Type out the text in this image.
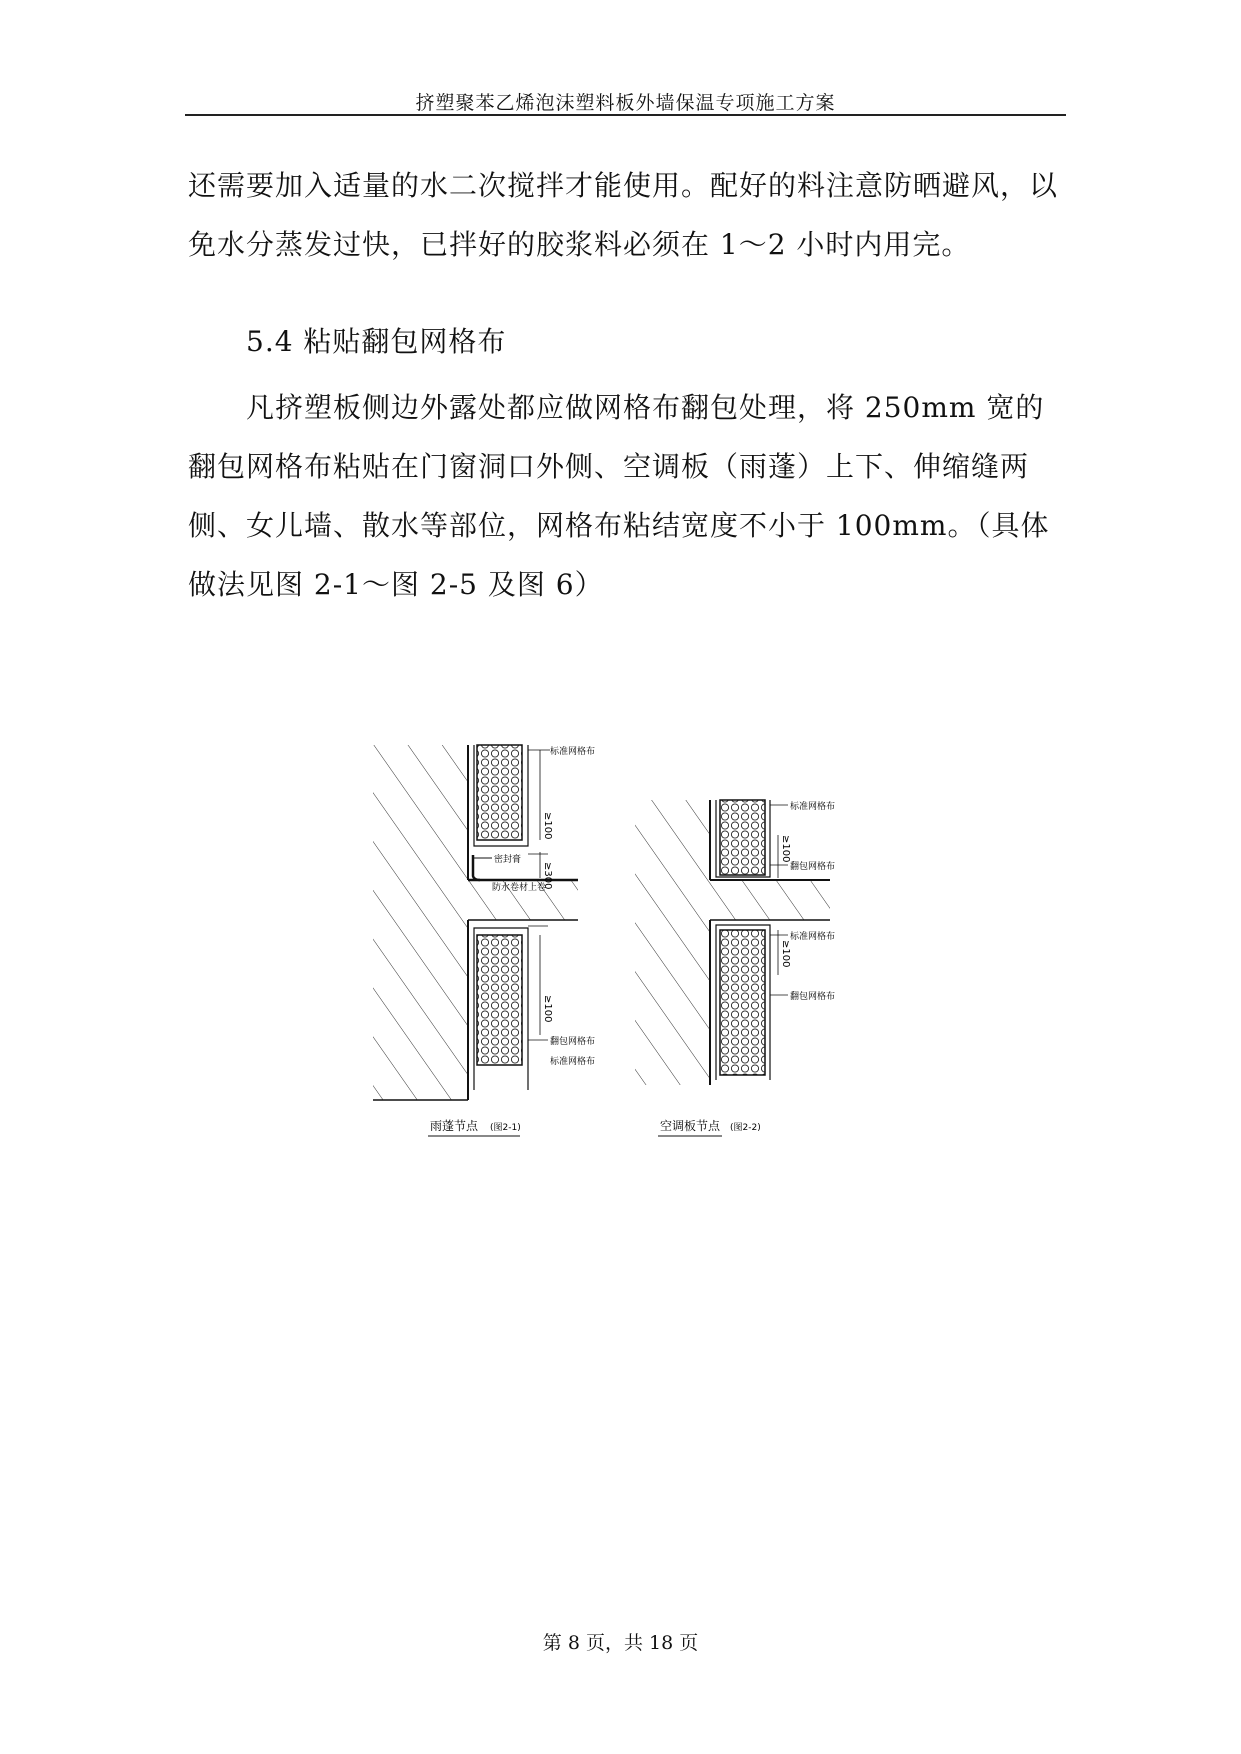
挤塑聚苯乙烯泡沫塑料板外墙保温专项施工方案

还需要加入适量的水二次搅拌才能使用。配好的料注意防晒避风，以免水分蒸发过快，已拌好的胶浆料必须在 1～2 小时内用完。

5.4 粘贴翻包网格布

凡挤塑板侧边外露处都应做网格布翻包处理，将 250mm 宽的翻包网格布粘贴在门窗洞口外侧、空调板（雨蓬）上下、伸缩缝两侧、女儿墙、散水等部位，网格布粘结宽度不小于 100mm。（具体做法见图 2-1～图 2-5 及图 6）

≥100
≥300
≥100
标准网格布
密封膏
防水卷材上卷
翻包网格布
标准网格布
雨蓬节点 (图2-1)
≥100
≥100
标准网格布
翻包网格布
标准网格布
翻包网格布
空调板节点 (图2-2)
第 8 页，共 18 页
